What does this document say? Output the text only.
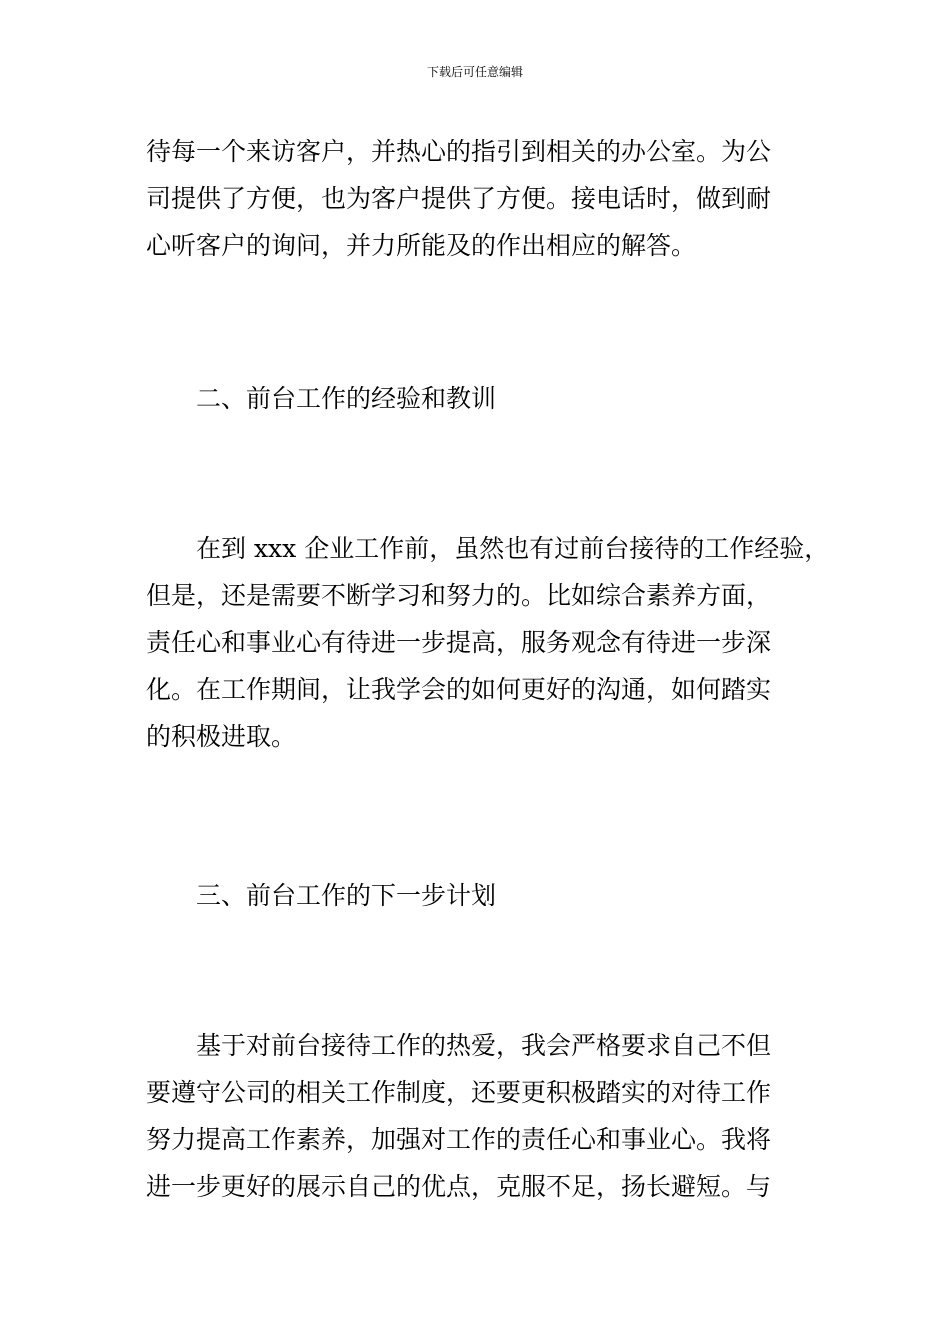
下载后可任意编辑
待每一个来访客户，并热心的指引到相关的办公室。为公
司提供了方便，也为客户提供了方便。接电话时，做到耐
心听客户的询问，并力所能及的作出相应的解答。
二、前台工作的经验和教训
在到 xxx 企业工作前，虽然也有过前台接待的工作经验，
但是，还是需要不断学习和努力的。比如综合素养方面，
责任心和事业心有待进一步提高，服务观念有待进一步深
化。在工作期间，让我学会的如何更好的沟通，如何踏实
的积极进取。
三、前台工作的下一步计划
基于对前台接待工作的热爱，我会严格要求自己不但
要遵守公司的相关工作制度，还要更积极踏实的对待工作
努力提高工作素养，加强对工作的责任心和事业心。我将
进一步更好的展示自己的优点，克服不足，扬长避短。与
